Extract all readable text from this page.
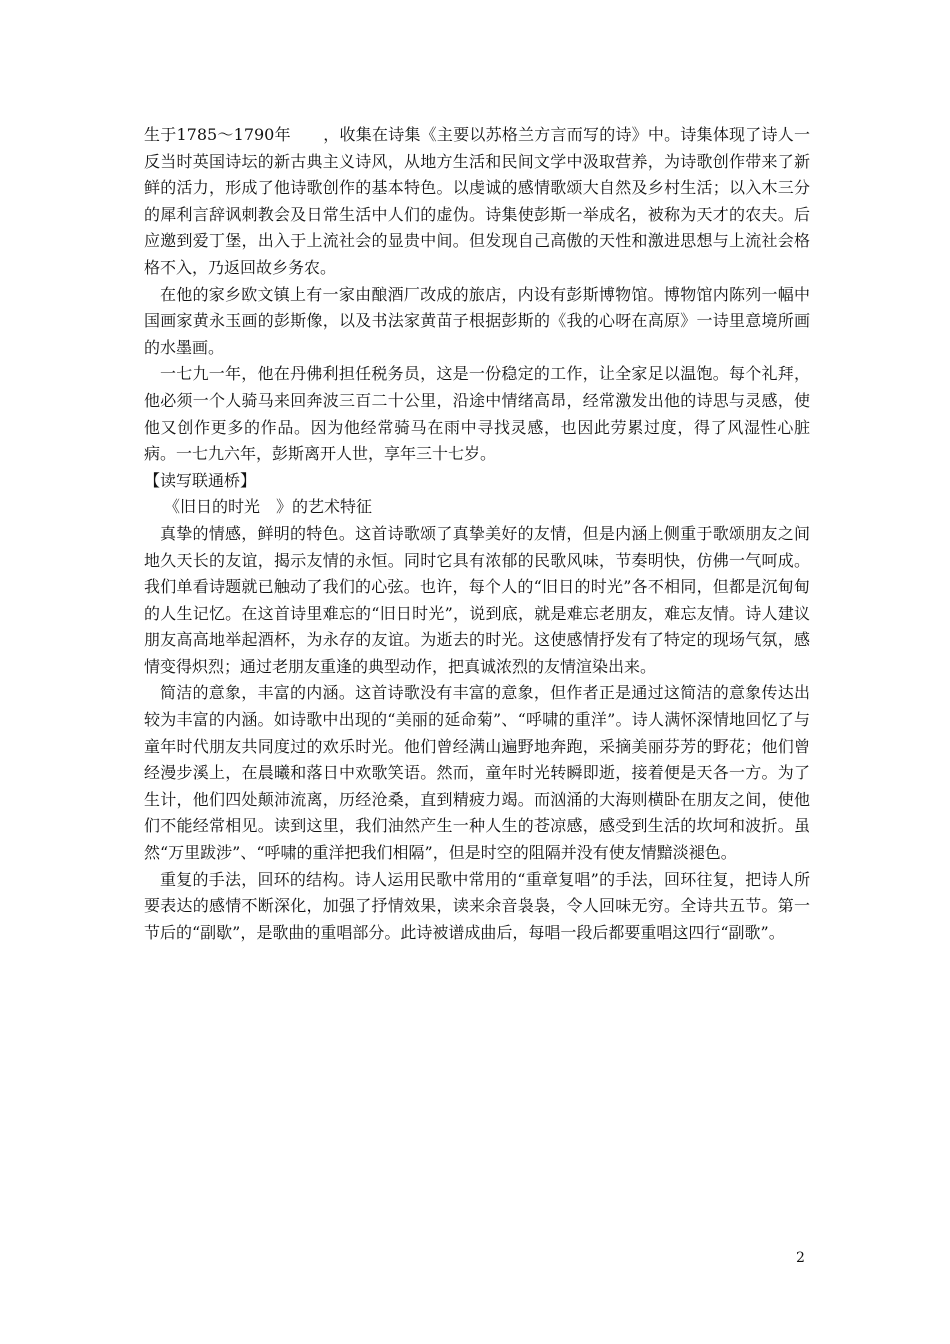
生于1785～1790年　　，收集在诗集《主要以苏格兰方言而写的诗》中。诗集体现了诗人一反当时英国诗坛的新古典主义诗风，从地方生活和民间文学中汲取营养，为诗歌创作带来了新鲜的活力，形成了他诗歌创作的基本特色。以虔诚的感情歌颂大自然及乡村生活；以入木三分的犀利言辞讽刺教会及日常生活中人们的虚伪。诗集使彭斯一举成名，被称为天才的农夫。后应邀到爱丁堡，出入于上流社会的显贵中间。但发现自己高傲的天性和激进思想与上流社会格格不入，乃返回故乡务农。

在他的家乡欧文镇上有一家由酿酒厂改成的旅店，内设有彭斯博物馆。博物馆内陈列一幅中国画家黄永玉画的彭斯像，以及书法家黄苗子根据彭斯的《我的心呀在高原》一诗里意境所画的水墨画。

一七九一年，他在丹佛利担任税务员，这是一份稳定的工作，让全家足以温饱。每个礼拜，他必须一个人骑马来回奔波三百二十公里，沿途中情绪高昂，经常激发出他的诗思与灵感，使他又创作更多的作品。因为他经常骑马在雨中寻找灵感，也因此劳累过度，得了风湿性心脏病。一七九六年，彭斯离开人世，享年三十七岁。

【读写联通桥】

《旧日的时光　》的艺术特征

真挚的情感，鲜明的特色。这首诗歌颂了真挚美好的友情，但是内涵上侧重于歌颂朋友之间地久天长的友谊，揭示友情的永恒。同时它具有浓郁的民歌风味，节奏明快，仿佛一气呵成。我们单看诗题就已触动了我们的心弦。也许，每个人的“旧日的时光”各不相同，但都是沉甸甸的人生记忆。在这首诗里难忘的“旧日时光”，说到底，就是难忘老朋友，难忘友情。诗人建议朋友高高地举起酒杯，为永存的友谊。为逝去的时光。这使感情抒发有了特定的现场气氛，感情变得炽烈；通过老朋友重逢的典型动作，把真诚浓烈的友情渲染出来。

简洁的意象，丰富的内涵。这首诗歌没有丰富的意象，但作者正是通过这简洁的意象传达出较为丰富的内涵。如诗歌中出现的“美丽的延命菊”、“呼啸的重洋”。诗人满怀深情地回忆了与童年时代朋友共同度过的欢乐时光。他们曾经满山遍野地奔跑，采摘美丽芬芳的野花；他们曾经漫步溪上，在晨曦和落日中欢歌笑语。然而，童年时光转瞬即逝，接着便是天各一方。为了生计，他们四处颠沛流离，历经沧桑，直到精疲力竭。而汹涌的大海则横卧在朋友之间，使他们不能经常相见。读到这里，我们油然产生一种人生的苍凉感，感受到生活的坎坷和波折。虽然“万里跋涉”、“呼啸的重洋把我们相隔”，但是时空的阻隔并没有使友情黯淡褪色。

重复的手法，回环的结构。诗人运用民歌中常用的“重章复唱”的手法，回环往复，把诗人所要表达的感情不断深化，加强了抒情效果，读来余音袅袅，令人回味无穷。全诗共五节。第一节后的“副歇”，是歌曲的重唱部分。此诗被谱成曲后，每唱一段后都要重唱这四行“副歌”。

2
